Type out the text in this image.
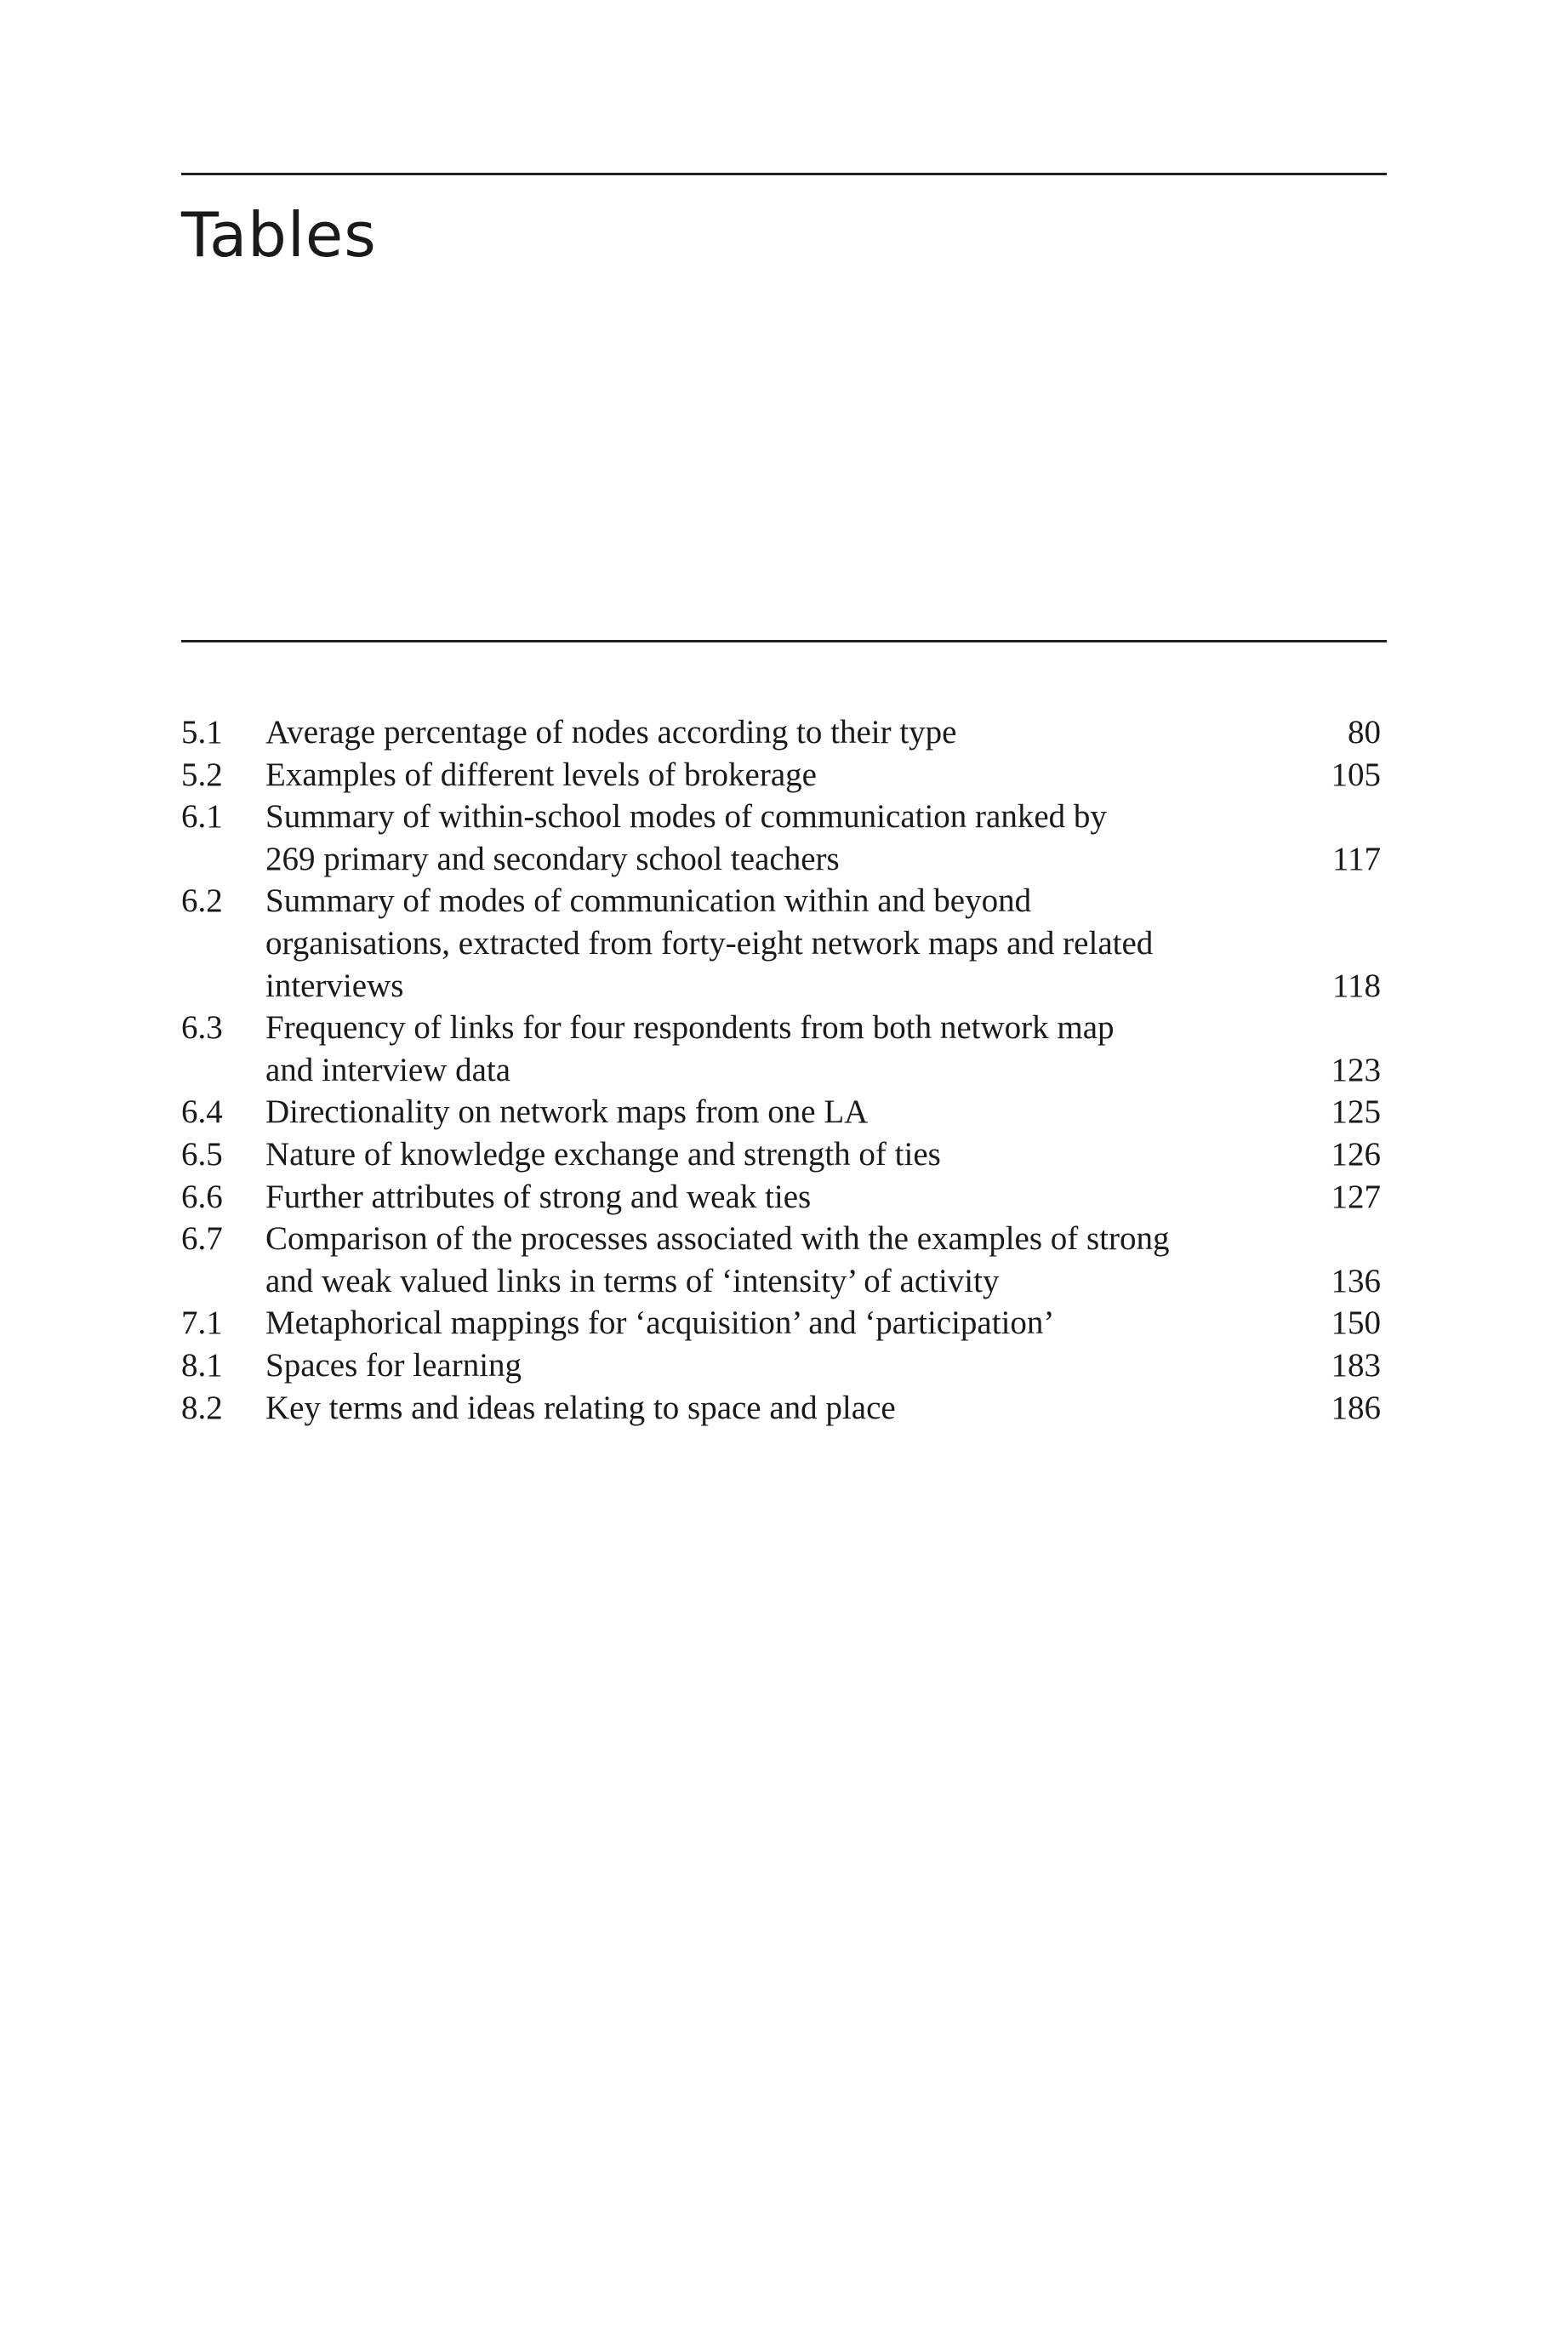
Tables
5.1	Average percentage of nodes according to their type	80
5.2	Examples of different levels of brokerage	105
6.1	Summary of within-school modes of communication ranked by
269 primary and secondary school teachers	117
6.2	Summary of modes of communication within and beyond
organisations, extracted from forty-eight network maps and related
interviews	118
6.3	Frequency of links for four respondents from both network map
and interview data	123
6.4	Directionality on network maps from one LA	125
6.5	Nature of knowledge exchange and strength of ties	126
6.6	Further attributes of strong and weak ties	127
6.7	Comparison of the processes associated with the examples of strong
and weak valued links in terms of ‘intensity’ of activity	136
7.1	Metaphorical mappings for ‘acquisition’ and ‘participation’	150
8.1	Spaces for learning	183
8.2	Key terms and ideas relating to space and place	186
